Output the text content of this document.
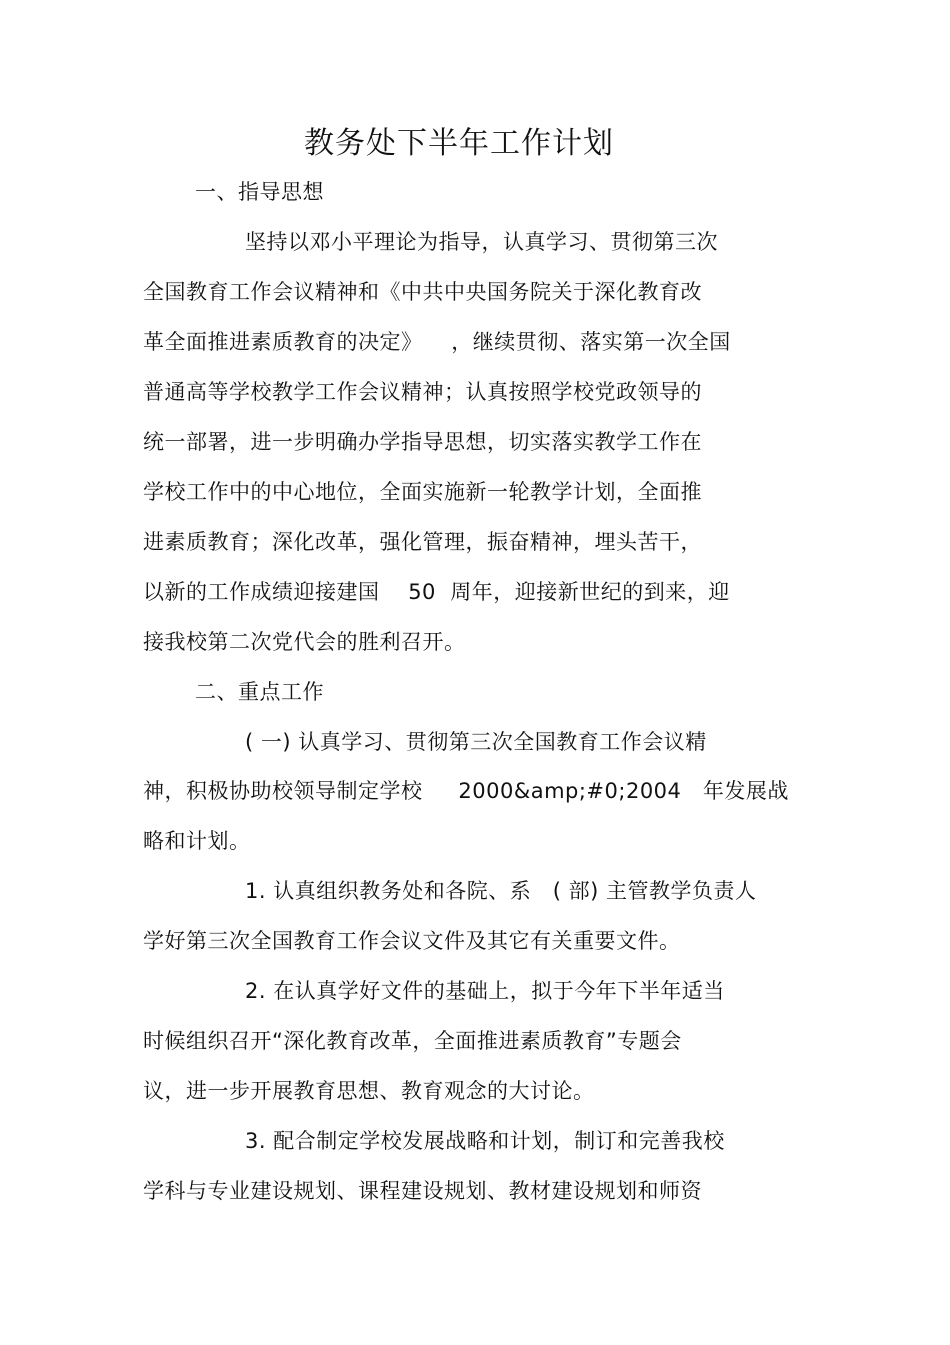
教务处下半年工作计划
一、指导思想
坚持以邓小平理论为指导，认真学习、贯彻第三次
全国教育工作会议精神和《中共中央国务院关于深化教育改
革全面推进素质教育的决定》    ，继续贯彻、落实第一次全国
普通高等学校教学工作会议精神；认真按照学校党政领导的
统一部署，进一步明确办学指导思想，切实落实教学工作在
学校工作中的中心地位，全面实施新一轮教学计划，全面推
进素质教育；深化改革，强化管理，振奋精神，埋头苦干，
以新的工作成绩迎接建国    50  周年，迎接新世纪的到来，迎
接我校第二次党代会的胜利召开。
二、重点工作
( 一) 认真学习、贯彻第三次全国教育工作会议精
神，积极协助校领导制定学校     2000&amp;#0;2004   年发展战
略和计划。
1. 认真组织教务处和各院、系   ( 部) 主管教学负责人
学好第三次全国教育工作会议文件及其它有关重要文件。
2. 在认真学好文件的基础上，拟于今年下半年适当
时候组织召开“深化教育改革，全面推进素质教育”专题会
议，进一步开展教育思想、教育观念的大讨论。
3. 配合制定学校发展战略和计划，制订和完善我校
学科与专业建设规划、课程建设规划、教材建设规划和师资
